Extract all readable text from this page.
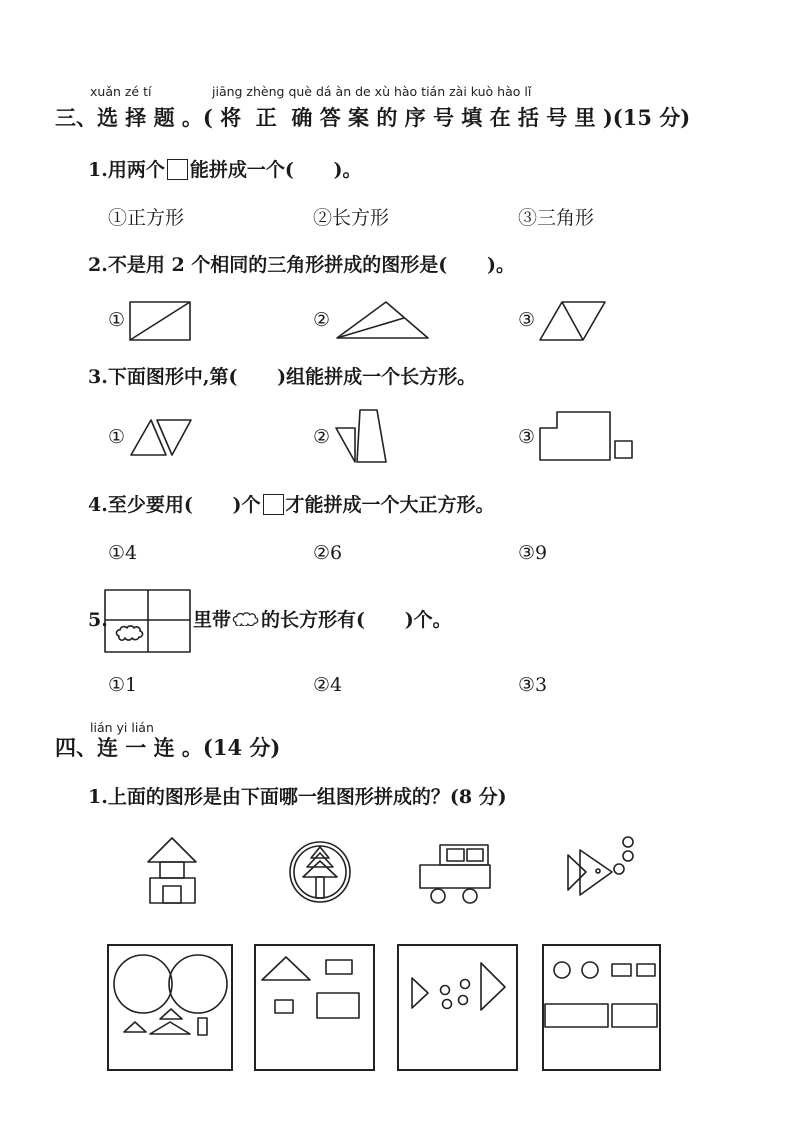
xuǎn zé tí	jiāng zhèng què dá àn de xù hào tián zài kuò hào lǐ
三、选 择 题 。( 将  正  确 答 案 的 序 号 填 在 括 号 里 )(15 分)
1.用两个 能拼成一个(      )。
①正方形	②长方形	③三角形
2.不是用 2 个相同的三角形拼成的图形是(      )。
①	②	③
3.下面图形中,第(      )组能拼成一个长方形。
①	②	③
4.至少要用(      )个 才能拼成一个大正方形。
①4	②6	③9
5.	里带 的长方形有(      )个。
①1	②4	③3
lián yi lián
四、连 一 连 。(14 分)
1.上面的图形是由下面哪一组图形拼成的？(8 分)
